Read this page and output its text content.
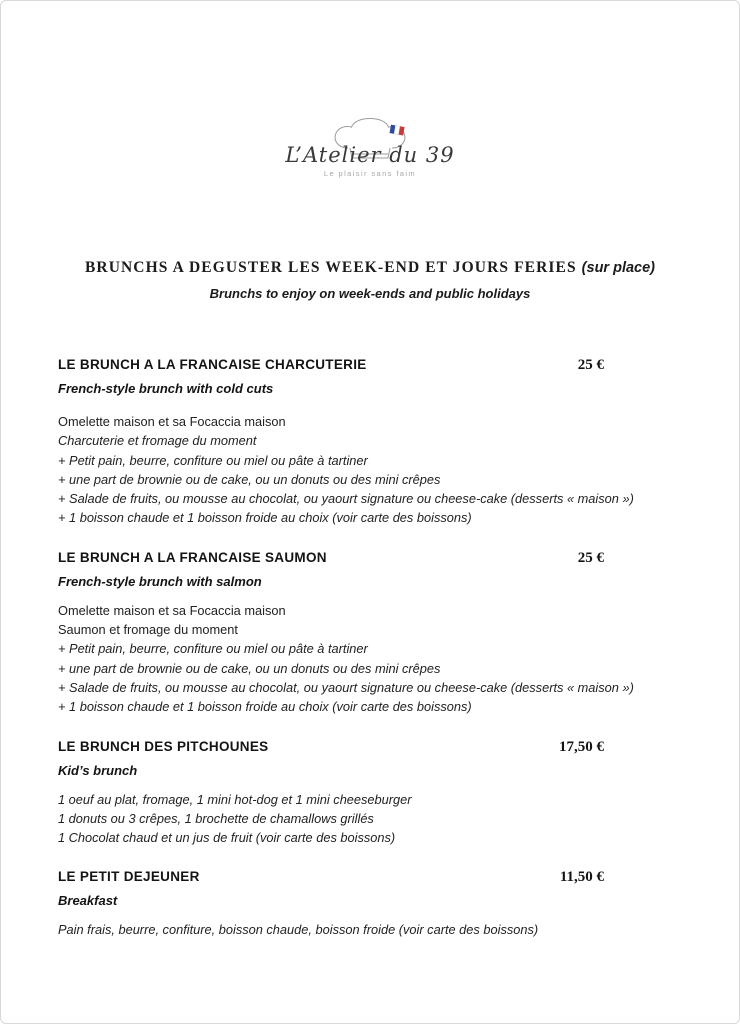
L’Atelier du 39
Le plaisir sans faim
BRUNCHS A DEGUSTER LES WEEK-END ET JOURS FERIES (sur place)
Brunchs to enjoy on week-ends and public holidays
LE BRUNCH A LA FRANCAISE CHARCUTERIE	25 €
French-style brunch with cold cuts

Omelette maison et sa Focaccia maison

Charcuterie et fromage du moment

+ Petit pain, beurre, confiture ou miel ou pâte à tartiner

+ une part de brownie ou de cake, ou un donuts ou des mini crêpes

+ Salade de fruits, ou mousse au chocolat, ou yaourt signature ou cheese-cake (desserts « maison »)

+ 1 boisson chaude et 1 boisson froide au choix (voir carte des boissons)

LE BRUNCH A LA FRANCAISE SAUMON	25 €
French-style brunch with salmon

Omelette maison et sa Focaccia maison

Saumon et fromage du moment

+ Petit pain, beurre, confiture ou miel ou pâte à tartiner

+ une part de brownie ou de cake, ou un donuts ou des mini crêpes

+ Salade de fruits, ou mousse au chocolat, ou yaourt signature ou cheese-cake (desserts « maison »)

+ 1 boisson chaude et 1 boisson froide au choix (voir carte des boissons)

LE BRUNCH DES PITCHOUNES	17,50 €
Kid’s brunch

1 oeuf au plat, fromage, 1 mini hot-dog et 1 mini cheeseburger

1 donuts ou 3 crêpes, 1 brochette de chamallows grillés

1 Chocolat chaud et un jus de fruit (voir carte des boissons)

LE PETIT DEJEUNER	11,50 €
Breakfast

Pain frais, beurre, confiture, boisson chaude, boisson froide (voir carte des boissons)
